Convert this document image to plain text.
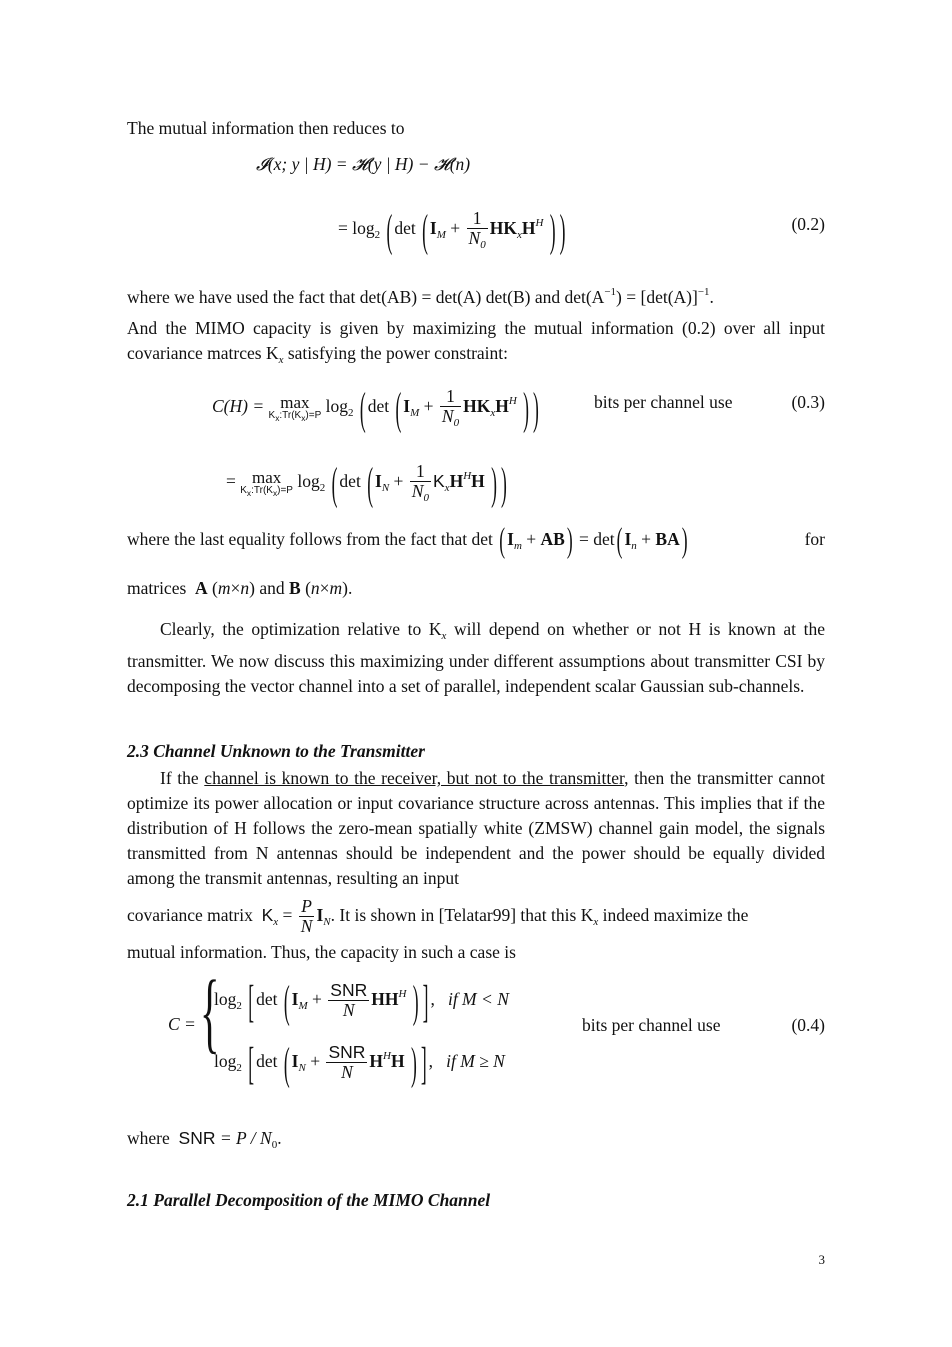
The mutual information then reduces to
𝓘(x; y | H) = 𝓗(y | H) − 𝓗(n)
= $\log_2$ ( det ( $I_M + \frac{1}{N_0} HK_xH^H$ ) )	(0.2)
where we have used the fact that det(AB) = det(A) det(B) and $\det(A^{-1}) = [\det(A)]^{-1}$.
And the MIMO capacity is given by maximizing the mutual information (0.2) over all input covariance matrces $K_x$ satisfying the power constraint:
C(H) = max
$K_x:Tr(K_x)=P$ $\log_2$ ( det ( $I_M + \frac{1}{N_0} HK_xH^H$ ) )	bits per channel use	(0.3)
= max
$K_x:Tr(K_x)=P$ $\log_2$ ( det ( $I_N + \frac{1}{N_0} K_xH^HH$ ) )
where the last equality follows from the fact that det ( $I_m$ + AB ) = det ( $I_n$ + BA )	for
matrices A (m×n) and B (n×m).
Clearly, the optimization relative to $K_x$ will depend on whether or not H is known at the transmitter. We now discuss this maximizing under different assumptions about transmitter CSI by decomposing the vector channel into a set of parallel, independent scalar Gaussian sub-channels.
2.3 Channel Unknown to the Transmitter
If the channel is known to the receiver, but not to the transmitter, then the transmitter cannot optimize its power allocation or input covariance structure across antennas. This implies that if the distribution of H follows the zero-mean spatially white (ZMSW) channel gain model, the signals transmitted from N antennas should be independent and the power should be equally divided among the transmit antennas, resulting an input
covariance matrix $K_x = \frac{P}{N} I_N$. It is shown in [Telatar99] that this $K_x$ indeed maximize the
mutual information. Thus, the capacity in such a case is
C = {
$\log_2$ [ det ( $I_M + \frac{\text{SNR}}{N} HH^H$ ) ] ,   if M < N
$\log_2$ [ det ( $I_N + \frac{\text{SNR}}{N} H^HH$ ) ] ,   if M ≥ N
bits per channel use	(0.4)
where SNR = P / $N_0$.
2.1 Parallel Decomposition of the MIMO Channel
3
